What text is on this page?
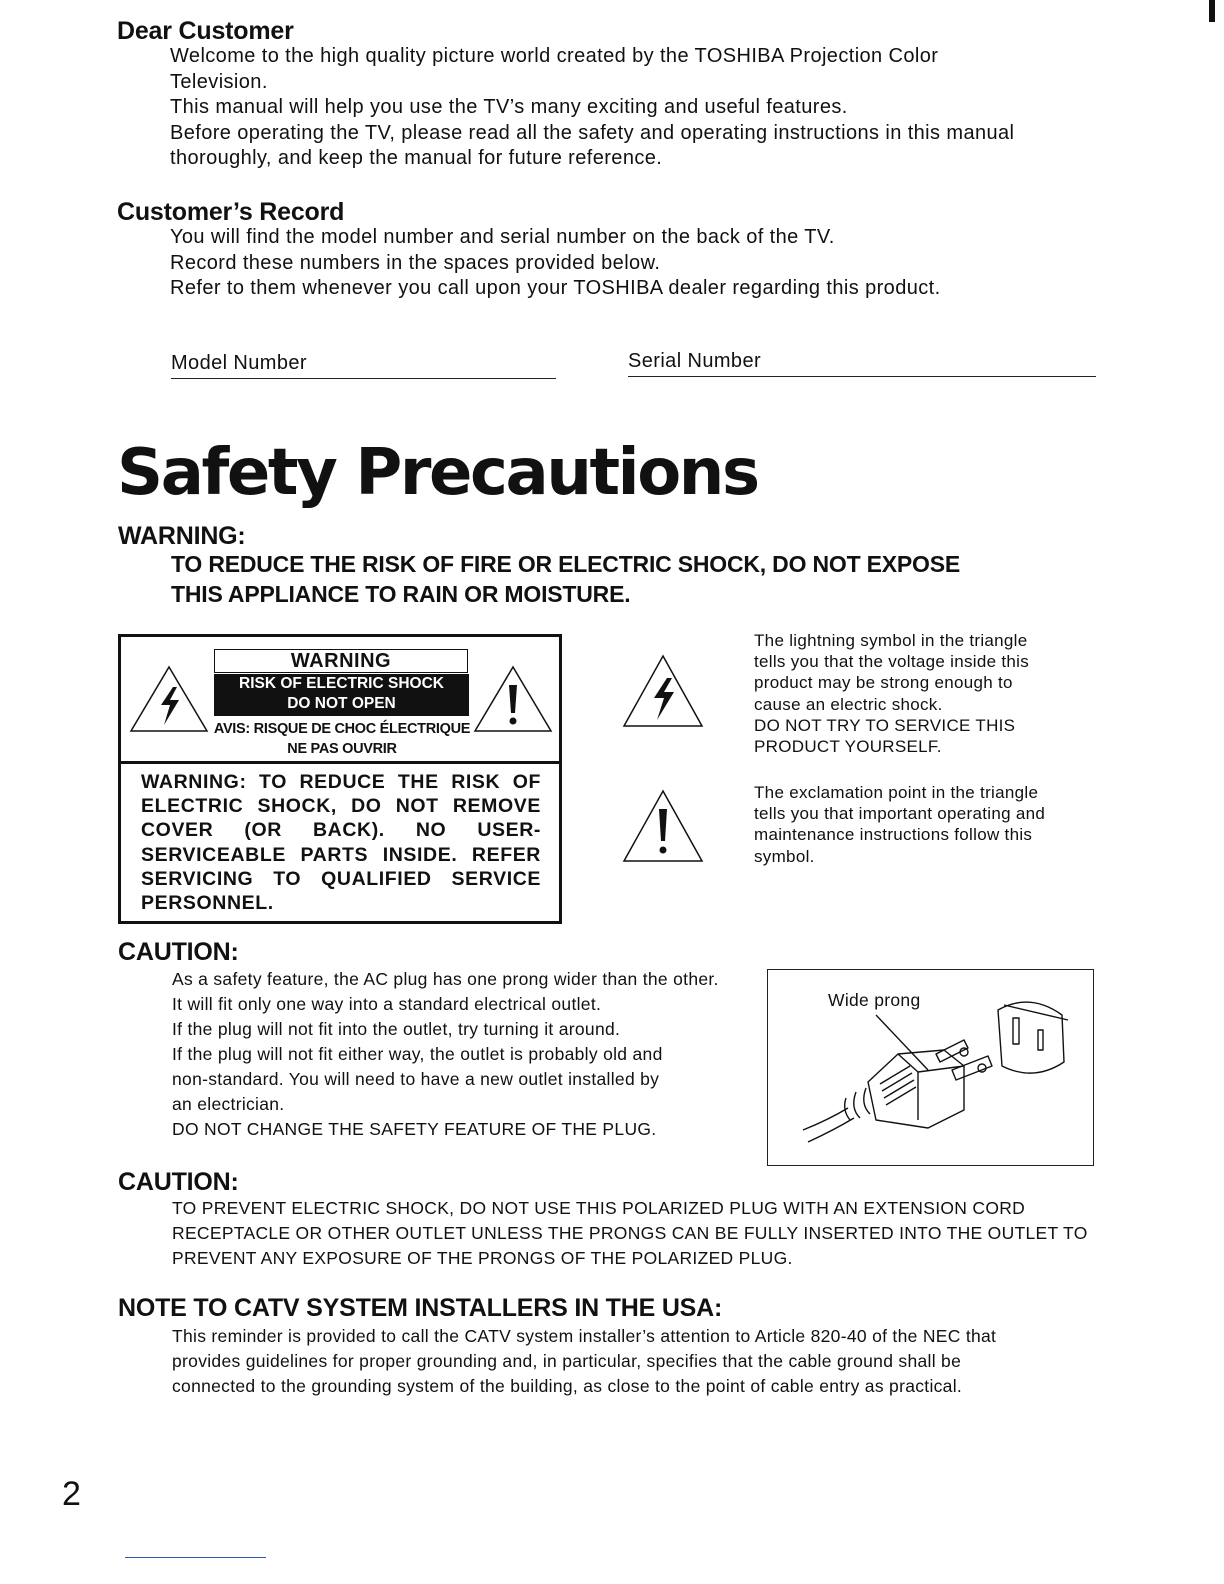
Dear Customer
Welcome to the high quality picture world created by the TOSHIBA Projection Color
Television.
This manual will help you use the TV’s many exciting and useful features.
Before operating the TV, please read all the safety and operating instructions in this manual
thoroughly, and keep the manual for future reference.
Customer’s Record
You will find the model number and serial number on the back of the TV.
Record these numbers in the spaces provided below.
Refer to them whenever you call upon your TOSHIBA dealer regarding this product.
Model Number	Serial Number
Safety Precautions
WARNING:
TO REDUCE THE RISK OF FIRE OR ELECTRIC SHOCK, DO NOT EXPOSE
THIS APPLIANCE TO RAIN OR MOISTURE.
WARNING
RISK OF ELECTRIC SHOCK
DO NOT OPEN
AVIS: RISQUE DE CHOC ÉLECTRIQUE
NE PAS OUVRIR
WARNING: TO REDUCE THE RISK OF ELECTRIC SHOCK, DO NOT REMOVE COVER (OR BACK). NO USER-SERVICEABLE PARTS INSIDE. REFER SERVICING TO QUALIFIED SERVICE PERSONNEL.
The lightning symbol in the triangle
tells you that the voltage inside this
product may be strong enough to
cause an electric shock.
DO NOT TRY TO SERVICE THIS
PRODUCT YOURSELF.
The exclamation point in the triangle
tells you that important operating and
maintenance instructions follow this
symbol.
CAUTION:
As a safety feature, the AC plug has one prong wider than the other.
It will fit only one way into a standard electrical outlet.
If the plug will not fit into the outlet, try turning it around.
If the plug will not fit either way, the outlet is probably old and
non-standard. You will need to have a new outlet installed by
an electrician.
DO NOT CHANGE THE SAFETY FEATURE OF THE PLUG.
Wide prong
CAUTION:
TO PREVENT ELECTRIC SHOCK, DO NOT USE THIS POLARIZED PLUG WITH AN EXTENSION CORD
RECEPTACLE OR OTHER OUTLET UNLESS THE PRONGS CAN BE FULLY INSERTED INTO THE OUTLET TO
PREVENT ANY EXPOSURE OF THE PRONGS OF THE POLARIZED PLUG.
NOTE TO CATV SYSTEM INSTALLERS IN THE USA:
This reminder is provided to call the CATV system installer’s attention to Article 820-40 of the NEC that
provides guidelines for proper grounding and, in particular, specifies that the cable ground shall be
connected to the grounding system of the building, as close to the point of cable entry as practical.
2
